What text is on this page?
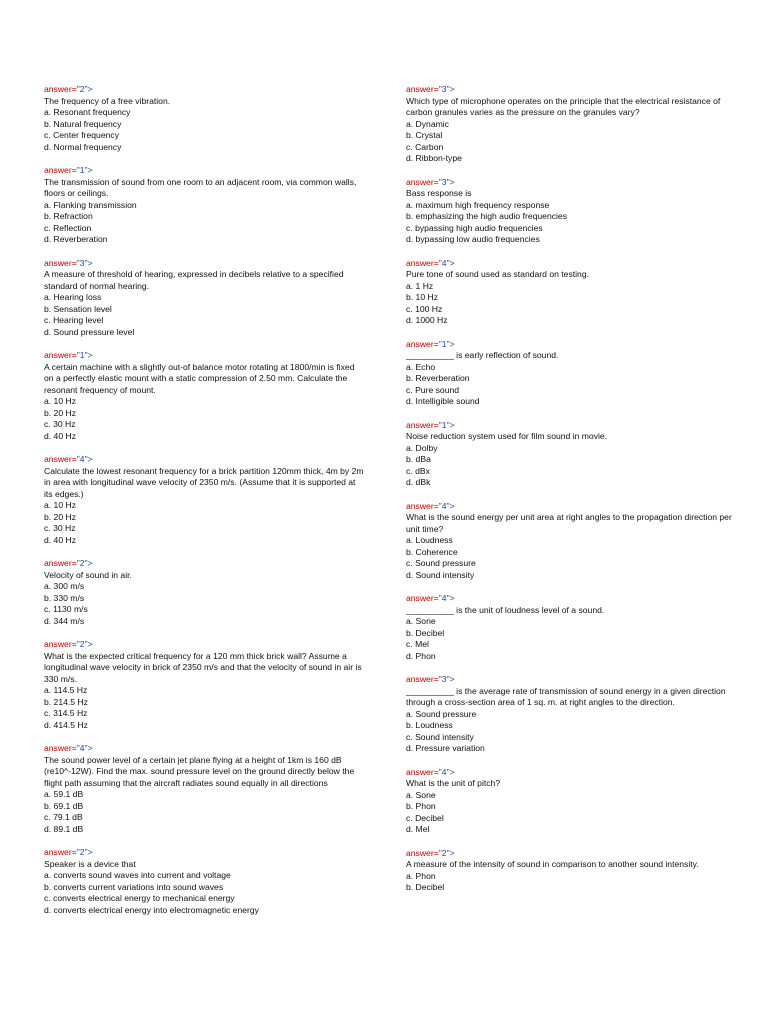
answer="2">
The frequency of a free vibration.
a. Resonant frequency
b. Natural frequency
c. Center frequency
d. Normal frequency
answer="1">
The transmission of sound from one room to an adjacent room, via common walls, floors or ceilings.
a. Flanking transmission
b. Refraction
c. Reflection
d. Reverberation
answer="3">
A measure of threshold of hearing, expressed in decibels relative to a specified standard of normal hearing.
a. Hearing loss
b. Sensation level
c. Hearing level
d. Sound pressure level
answer="1">
A certain machine with a slightly out-of balance motor rotating at 1800/min is fixed on a perfectly elastic mount with a static compression of 2.50 mm. Calculate the resonant frequency of mount.
a. 10 Hz
b. 20 Hz
c. 30 Hz
d. 40 Hz
answer="4">
Calculate the lowest resonant frequency for a brick partition 120mm thick, 4m by 2m in area with longitudinal wave velocity of 2350 m/s. (Assume that it is supported at its edges.)
a. 10 Hz
b. 20 Hz
c. 30 Hz
d. 40 Hz
answer="2">
Velocity of sound in air.
a. 300 m/s
b. 330 m/s
c. 1130 m/s
d. 344 m/s
answer="2">
What is the expected critical frequency for a 120 mm thick brick wall? Assume a longitudinal wave velocity in brick of 2350 m/s and that the velocity of sound in air is 330 m/s.
a. 114.5 Hz
b. 214.5 Hz
c. 314.5 Hz
d. 414.5 Hz
answer="4">
The sound power level of a certain jet plane flying at a height of 1km is 160 dB (re10^-12W). Find the max. sound pressure level on the ground directly below the flight path assuming that the aircraft radiates sound equally in all directions
a. 59.1 dB
b. 69.1 dB
c. 79.1 dB
d. 89.1 dB
answer="2">
Speaker is a device that
a. converts sound waves into current and voltage
b. converts current variations into sound waves
c. converts electrical energy to mechanical energy
d. converts electrical energy into electromagnetic energy
answer="3">
Which type of microphone operates on the principle that the electrical resistance of carbon granules varies as the pressure on the granules vary?
a. Dynamic
b. Crystal
c. Carbon
d. Ribbon-type
answer="3">
Bass response is
a. maximum high frequency response
b. emphasizing the high audio frequencies
c. bypassing high audio frequencies
d. bypassing low audio frequencies
answer="4">
Pure tone of sound used as standard on testing.
a. 1 Hz
b. 10 Hz
c. 100 Hz
d. 1000 Hz
answer="1">
__________ is early reflection of sound.
a. Echo
b. Reverberation
c. Pure sound
d. Intelligible sound
answer="1">
Noise reduction system used for film sound in movie.
a. Dolby
b. dBa
c. dBx
d. dBk
answer="4">
What is the sound energy per unit area at right angles to the propagation direction per unit time?
a. Loudness
b. Coherence
c. Sound pressure
d. Sound intensity
answer="4">
__________ is the unit of loudness level of a sound.
a. Sone
b. Decibel
c. Mel
d. Phon
answer="3">
__________ is the average rate of transmission of sound energy in a given direction through a cross-section area of 1 sq. m. at right angles to the direction.
a. Sound pressure
b. Loudness
c. Sound intensity
d. Pressure variation
answer="4">
What is the unit of pitch?
a. Sone
b. Phon
c. Decibel
d. Mel
answer="2">
A measure of the intensity of sound in comparison to another sound intensity.
a. Phon
b. Decibel
